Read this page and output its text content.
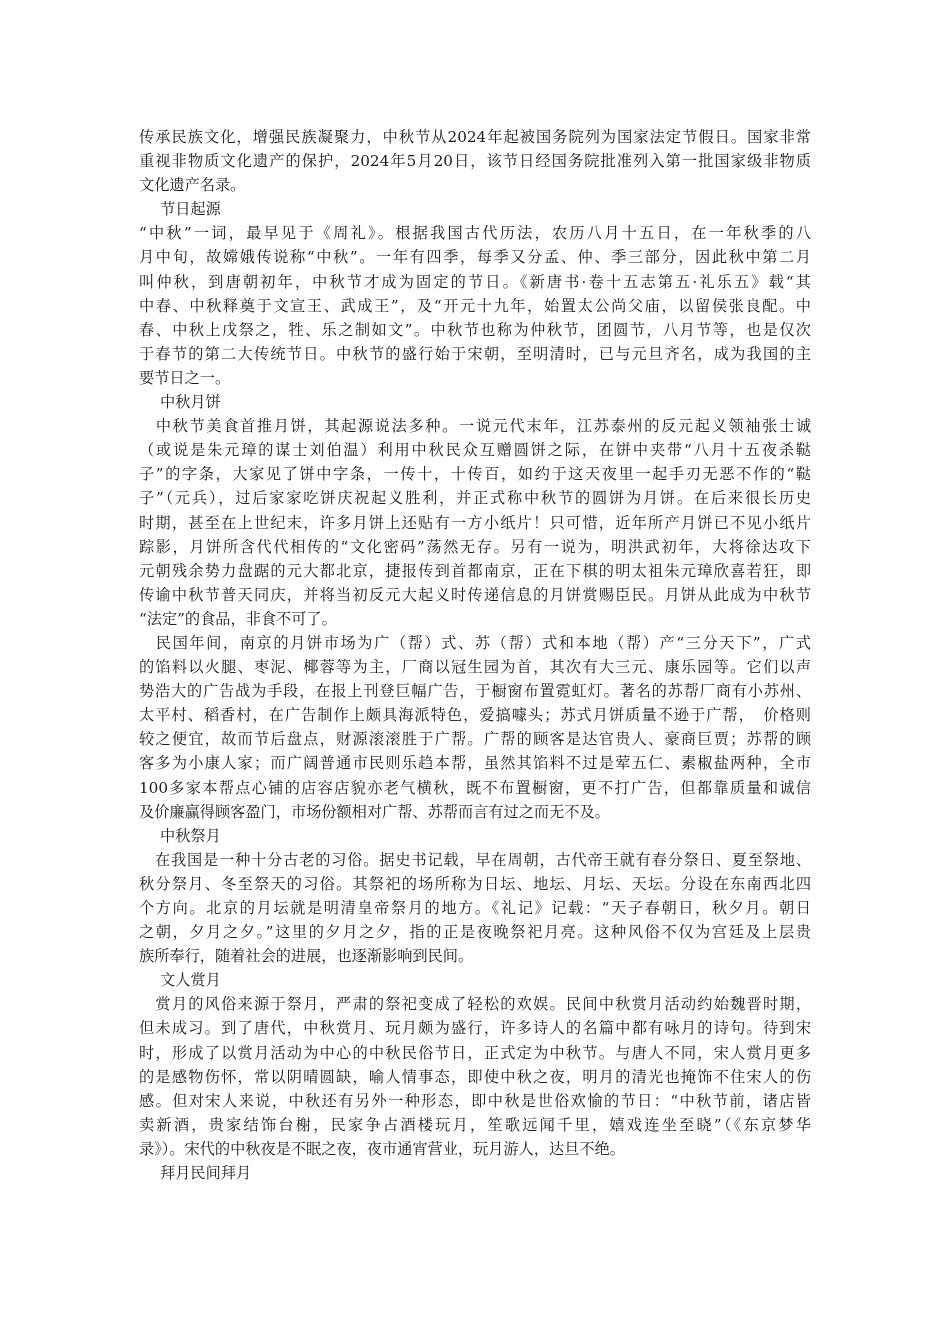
传承民族文化，增强民族凝聚力，中秋节从2024年起被国务院列为国家法定节假日。国家非常
重视非物质文化遗产的保护，2024年5月20日，该节日经国务院批准列入第一批国家级非物质
文化遗产名录。
节日起源
“中秋”一词，最早见于《周礼》。根据我国古代历法，农历八月十五日，在一年秋季的八
月中旬，故嫦娥传说称“中秋”。一年有四季，每季又分孟、仲、季三部分，因此秋中第二月
叫仲秋，到唐朝初年，中秋节才成为固定的节日。《新唐书·卷十五志第五·礼乐五》载“其
中春、中秋释奠于文宣王、武成王”，及“开元十九年，始置太公尚父庙，以留侯张良配。中
春、中秋上戊祭之，牲、乐之制如文”。中秋节也称为仲秋节，团圆节，八月节等，也是仅次
于春节的第二大传统节日。中秋节的盛行始于宋朝，至明清时，已与元旦齐名，成为我国的主
要节日之一。
中秋月饼
　中秋节美食首推月饼，其起源说法多种。一说元代末年，江苏泰州的反元起义领袖张士诚
（或说是朱元璋的谋士刘伯温）利用中秋民众互赠圆饼之际，在饼中夹带“八月十五夜杀鞑
子”的字条，大家见了饼中字条，一传十，十传百，如约于这天夜里一起手刃无恶不作的“鞑
子”（元兵），过后家家吃饼庆祝起义胜利，并正式称中秋节的圆饼为月饼。在后来很长历史
时期，甚至在上世纪末，许多月饼上还贴有一方小纸片！只可惜，近年所产月饼已不见小纸片
踪影，月饼所含代代相传的“文化密码”荡然无存。另有一说为，明洪武初年，大将徐达攻下
元朝残余势力盘踞的元大都北京，捷报传到首都南京，正在下棋的明太祖朱元璋欣喜若狂，即
传谕中秋节普天同庆，并将当初反元大起义时传递信息的月饼赏赐臣民。月饼从此成为中秋节
“法定”的食品，非食不可了。
　民国年间，南京的月饼市场为广（帮）式、苏（帮）式和本地（帮）产“三分天下”，广式
的馅料以火腿、枣泥、椰蓉等为主，厂商以冠生园为首，其次有大三元、康乐园等。它们以声
势浩大的广告战为手段，在报上刊登巨幅广告，于橱窗布置霓虹灯。著名的苏帮厂商有小苏州、
太平村、稻香村，在广告制作上颇具海派特色，爱搞噱头；苏式月饼质量不逊于广帮，　价格则
较之便宜，故而节后盘点，财源滚滚胜于广帮。广帮的顾客是达官贵人、豪商巨贾；苏帮的顾
客多为小康人家；而广阔普通市民则乐趋本帮，虽然其馅料不过是荤五仁、素椒盐两种，全市
100多家本帮点心铺的店容店貌亦老气横秋，既不布置橱窗，更不打广告，但都靠质量和诚信
及价廉赢得顾客盈门，市场份额相对广帮、苏帮而言有过之而无不及。
中秋祭月
　在我国是一种十分古老的习俗。据史书记载，早在周朝，古代帝王就有春分祭日、夏至祭地、
秋分祭月、冬至祭天的习俗。其祭祀的场所称为日坛、地坛、月坛、天坛。分设在东南西北四
个方向。北京的月坛就是明清皇帝祭月的地方。《礼记》记载：“天子春朝日，秋夕月。朝日
之朝，夕月之夕。”这里的夕月之夕，指的正是夜晚祭祀月亮。这种风俗不仅为宫廷及上层贵
族所奉行，随着社会的进展，也逐渐影响到民间。
文人赏月
　赏月的风俗来源于祭月，严肃的祭祀变成了轻松的欢娱。民间中秋赏月活动约始魏晋时期，
但未成习。到了唐代，中秋赏月、玩月颇为盛行，许多诗人的名篇中都有咏月的诗句。待到宋
时，形成了以赏月活动为中心的中秋民俗节日，正式定为中秋节。与唐人不同，宋人赏月更多
的是感物伤怀，常以阴晴圆缺，喻人情事态，即使中秋之夜，明月的清光也掩饰不住宋人的伤
感。但对宋人来说，中秋还有另外一种形态，即中秋是世俗欢愉的节日：“中秋节前，诸店皆
卖新酒，贵家结饰台榭，民家争占酒楼玩月，笙歌远闻千里，嬉戏连坐至晓”（《东京梦华
录》）。宋代的中秋夜是不眠之夜，夜市通宵营业，玩月游人，达旦不绝。
拜月民间拜月
